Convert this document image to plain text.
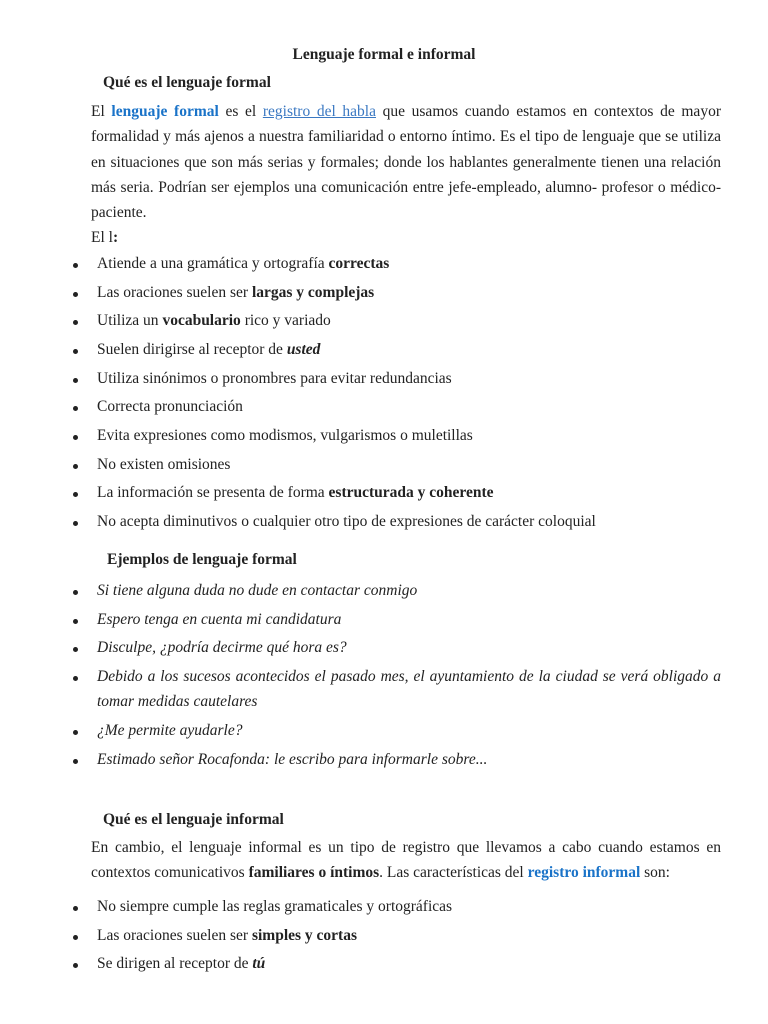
Lenguaje formal e informal
Qué es el lenguaje formal
El lenguaje formal es el registro del habla que usamos cuando estamos en contextos de mayor formalidad y más ajenos a nuestra familiaridad o entorno íntimo. Es el tipo de lenguaje que se utiliza en situaciones que son más serias y formales; donde los hablantes generalmente tienen una relación más seria. Podrían ser ejemplos una comunicación entre jefe-empleado, alumno- profesor o médico-paciente.
El l:
Atiende a una gramática y ortografía correctas
Las oraciones suelen ser largas y complejas
Utiliza un vocabulario rico y variado
Suelen dirigirse al receptor de usted
Utiliza sinónimos o pronombres para evitar redundancias
Correcta pronunciación
Evita expresiones como modismos, vulgarismos o muletillas
No existen omisiones
La información se presenta de forma estructurada y coherente
No acepta diminutivos o cualquier otro tipo de expresiones de carácter coloquial
Ejemplos de lenguaje formal
Si tiene alguna duda no dude en contactar conmigo
Espero tenga en cuenta mi candidatura
Disculpe, ¿podría decirme qué hora es?
Debido a los sucesos acontecidos el pasado mes, el ayuntamiento de la ciudad se verá obligado a tomar medidas cautelares
¿Me permite ayudarle?
Estimado señor Rocafonda: le escribo para informarle sobre...
Qué es el lenguaje informal
En cambio, el lenguaje informal es un tipo de registro que llevamos a cabo cuando estamos en contextos comunicativos familiares o íntimos. Las características del registro informal son:
No siempre cumple las reglas gramaticales y ortográficas
Las oraciones suelen ser simples y cortas
Se dirigen al receptor de tú
